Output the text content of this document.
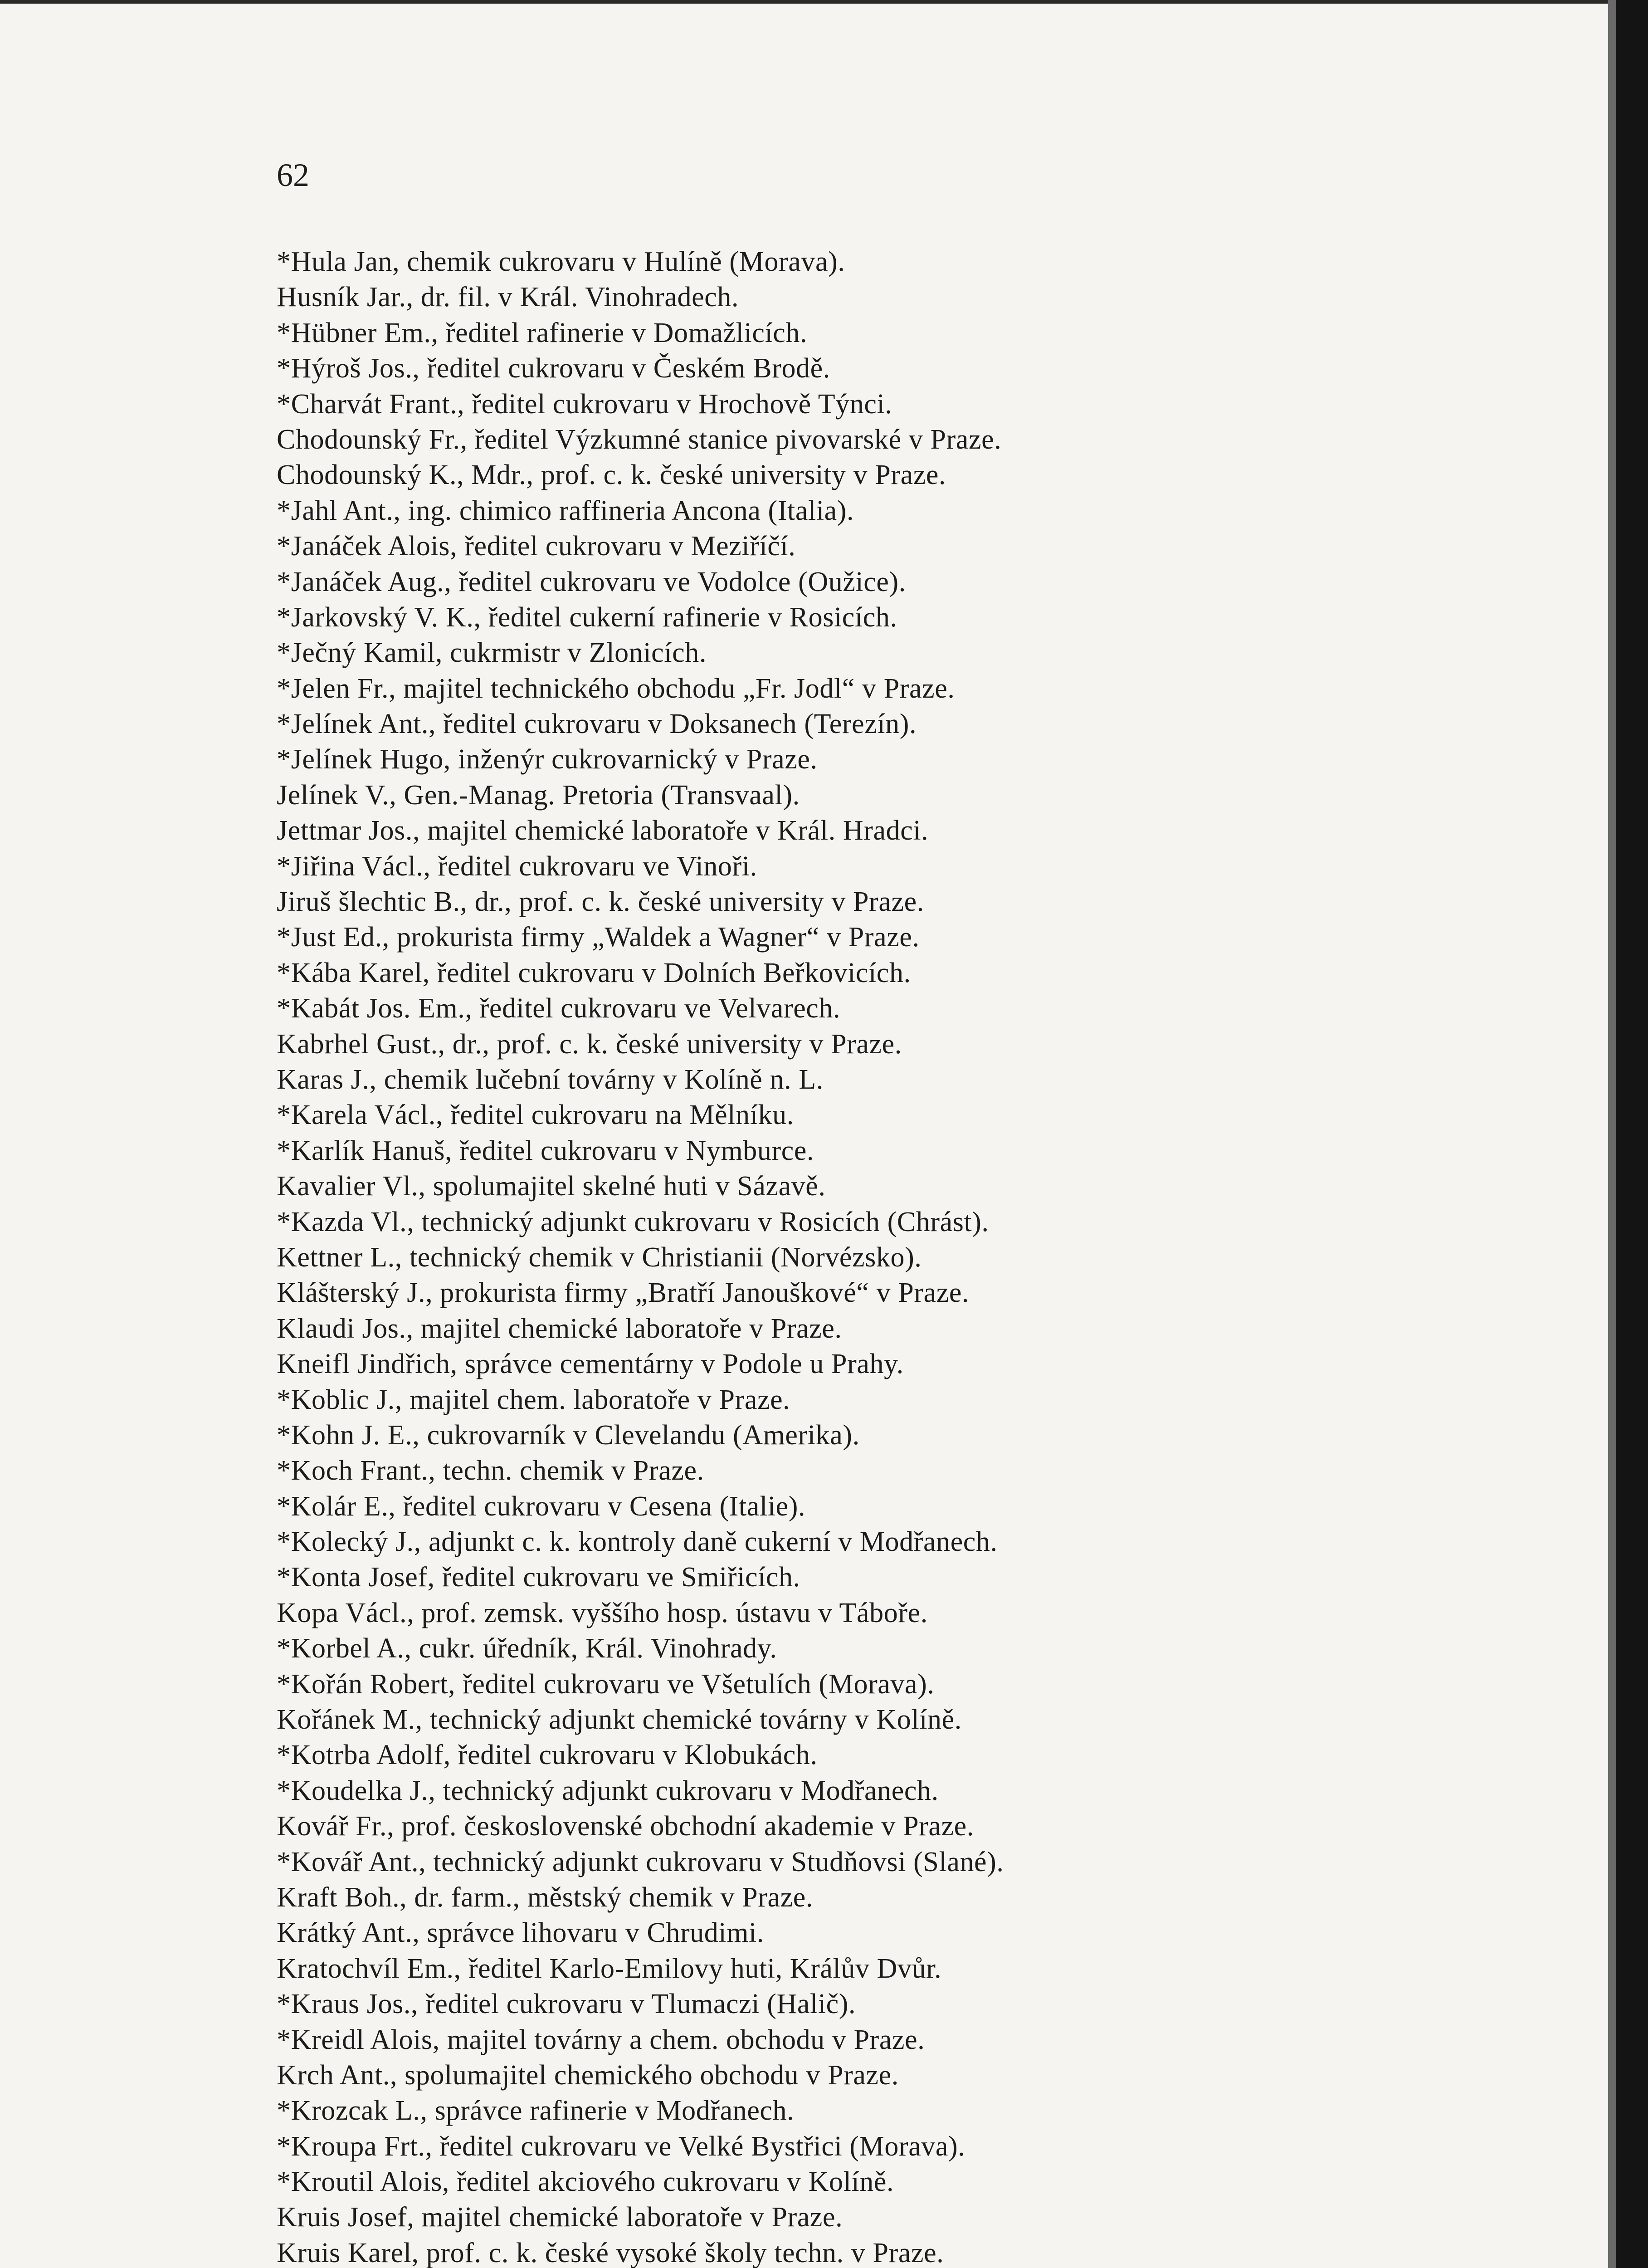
62

*Hula Jan, chemik cukrovaru v Hulíně (Morava).
Husník Jar., dr. fil. v Král. Vinohradech.
*Hübner Em., ředitel rafinerie v Domažlicích.
*Hýroš Jos., ředitel cukrovaru v Českém Brodě.
*Charvát Frant., ředitel cukrovaru v Hrochově Týnci.
Chodounský Fr., ředitel Výzkumné stanice pivovarské v Praze.
Chodounský K., Mdr., prof. c. k. české university v Praze.
*Jahl Ant., ing. chimico raffineria Ancona (Italia).
*Janáček Alois, ředitel cukrovaru v Meziříčí.
*Janáček Aug., ředitel cukrovaru ve Vodolce (Oužice).
*Jarkovský V. K., ředitel cukerní rafinerie v Rosicích.
*Ječný Kamil, cukrmistr v Zlonicích.
*Jelen Fr., majitel technického obchodu „Fr. Jodl“ v Praze.
*Jelínek Ant., ředitel cukrovaru v Doksanech (Terezín).
*Jelínek Hugo, inženýr cukrovarnický v Praze.
Jelínek V., Gen.-Manag. Pretoria (Transvaal).
Jettmar Jos., majitel chemické laboratoře v Král. Hradci.
*Jiřina Václ., ředitel cukrovaru ve Vinoři.
Jiruš šlechtic B., dr., prof. c. k. české university v Praze.
*Just Ed., prokurista firmy „Waldek a Wagner“ v Praze.
*Kába Karel, ředitel cukrovaru v Dolních Beřkovicích.
*Kabát Jos. Em., ředitel cukrovaru ve Velvarech.
Kabrhel Gust., dr., prof. c. k. české university v Praze.
Karas J., chemik lučební továrny v Kolíně n. L.
*Karela Václ., ředitel cukrovaru na Mělníku.
*Karlík Hanuš, ředitel cukrovaru v Nymburce.
Kavalier Vl., spolumajitel skelné huti v Sázavě.
*Kazda Vl., technický adjunkt cukrovaru v Rosicích (Chrást).
Kettner L., technický chemik v Christianii (Norvézsko).
Klášterský J., prokurista firmy „Bratří Janouškové“ v Praze.
Klaudi Jos., majitel chemické laboratoře v Praze.
Kneifl Jindřich, správce cementárny v Podole u Prahy.
*Koblic J., majitel chem. laboratoře v Praze.
*Kohn J. E., cukrovarník v Clevelandu (Amerika).
*Koch Frant., techn. chemik v Praze.
*Kolár E., ředitel cukrovaru v Cesena (Italie).
*Kolecký J., adjunkt c. k. kontroly daně cukerní v Modřanech.
*Konta Josef, ředitel cukrovaru ve Smiřicích.
Kopa Václ., prof. zemsk. vyššího hosp. ústavu v Táboře.
*Korbel A., cukr. úředník, Král. Vinohrady.
*Kořán Robert, ředitel cukrovaru ve Všetulích (Morava).
Kořánek M., technický adjunkt chemické továrny v Kolíně.
*Kotrba Adolf, ředitel cukrovaru v Klobukách.
*Koudelka J., technický adjunkt cukrovaru v Modřanech.
Kovář Fr., prof. československé obchodní akademie v Praze.
*Kovář Ant., technický adjunkt cukrovaru v Studňovsi (Slané).
Kraft Boh., dr. farm., městský chemik v Praze.
Krátký Ant., správce lihovaru v Chrudimi.
Kratochvíl Em., ředitel Karlo-Emilovy huti, Králův Dvůr.
*Kraus Jos., ředitel cukrovaru v Tlumaczi (Halič).
*Kreidl Alois, majitel továrny a chem. obchodu v Praze.
Krch Ant., spolumajitel chemického obchodu v Praze.
*Krozcak L., správce rafinerie v Modřanech.
*Kroupa Frt., ředitel cukrovaru ve Velké Bystřici (Morava).
*Kroutil Alois, ředitel akciového cukrovaru v Kolíně.
Kruis Josef, majitel chemické laboratoře v Praze.
Kruis Karel, prof. c. k. české vysoké školy techn. v Praze.
